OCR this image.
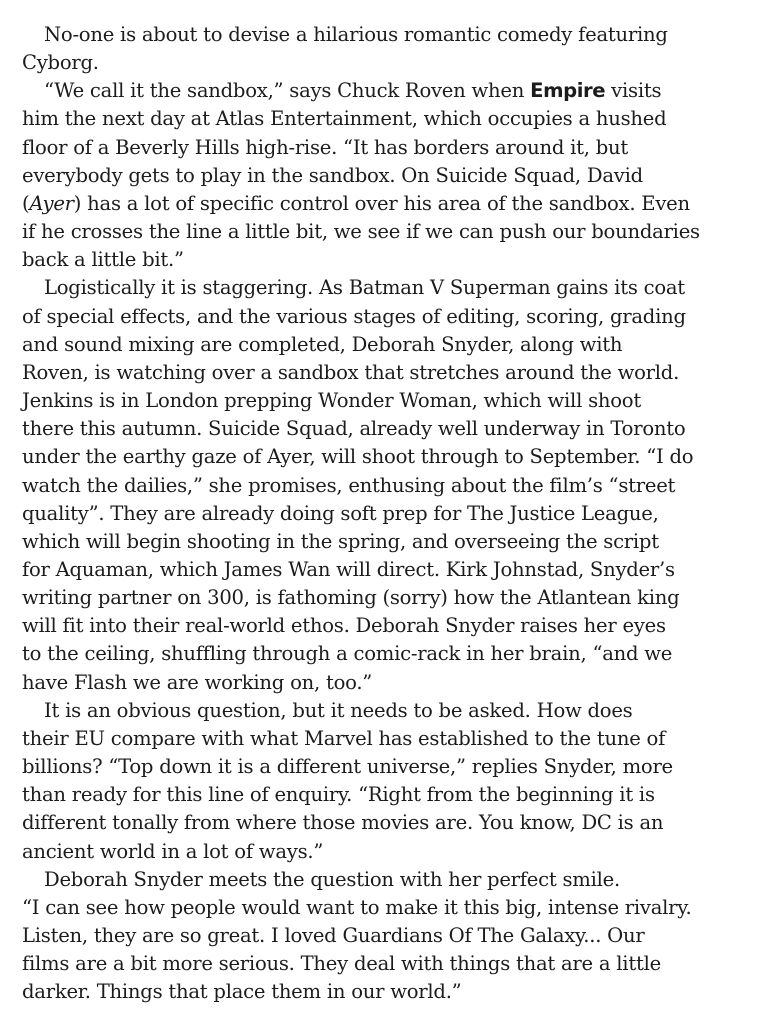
No-one is about to devise a hilarious romantic comedy featuring
Cyborg.
“We call it the sandbox,” says Chuck Roven when Empire visits
him the next day at Atlas Entertainment, which occupies a hushed
floor of a Beverly Hills high-rise. “It has borders around it, but
everybody gets to play in the sandbox. On Suicide Squad, David
(Ayer) has a lot of specific control over his area of the sandbox. Even
if he crosses the line a little bit, we see if we can push our boundaries
back a little bit.”
Logistically it is staggering. As Batman V Superman gains its coat
of special effects, and the various stages of editing, scoring, grading
and sound mixing are completed, Deborah Snyder, along with
Roven, is watching over a sandbox that stretches around the world.
Jenkins is in London prepping Wonder Woman, which will shoot
there this autumn. Suicide Squad, already well underway in Toronto
under the earthy gaze of Ayer, will shoot through to September. “I do
watch the dailies,” she promises, enthusing about the film’s “street
quality”. They are already doing soft prep for The Justice League,
which will begin shooting in the spring, and overseeing the script
for Aquaman, which James Wan will direct. Kirk Johnstad, Snyder’s
writing partner on 300, is fathoming (sorry) how the Atlantean king
will fit into their real-world ethos. Deborah Snyder raises her eyes
to the ceiling, shuffling through a comic-rack in her brain, “and we
have Flash we are working on, too.”
It is an obvious question, but it needs to be asked. How does
their EU compare with what Marvel has established to the tune of
billions? “Top down it is a different universe,” replies Snyder, more
than ready for this line of enquiry. “Right from the beginning it is
different tonally from where those movies are. You know, DC is an
ancient world in a lot of ways.”
Deborah Snyder meets the question with her perfect smile.
“I can see how people would want to make it this big, intense rivalry.
Listen, they are so great. I loved Guardians Of The Galaxy... Our
films are a bit more serious. They deal with things that are a little
darker. Things that place them in our world.”
